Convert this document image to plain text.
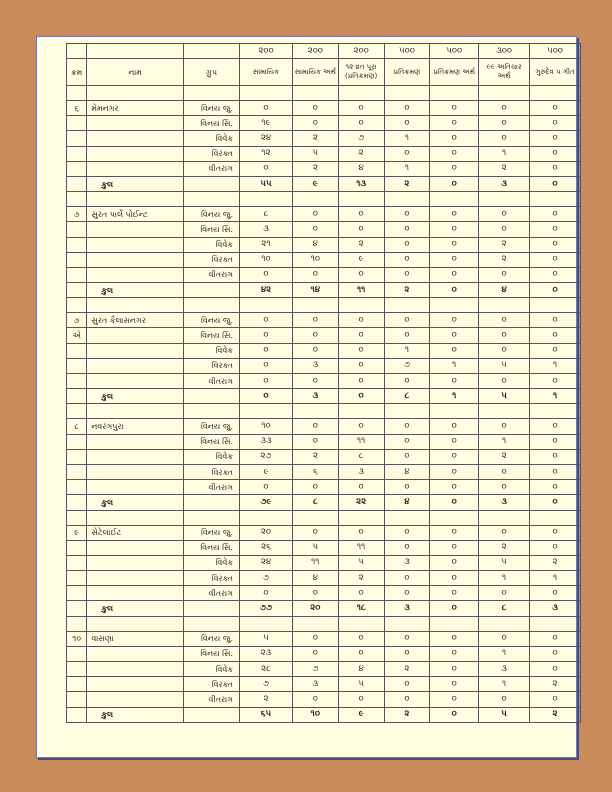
			૨૦૦	૨૦૦	૨૦૦	૫૦૦	૫૦૦	૩૦૦	૫૦૦
ક્રમ	નામ	ગ્રુપ	સામાયિક	સામાયિક અર્થ	૧૨ વ્રત પૂરા (પ્રતિક્રમણ)	પ્રતિક્રમણ	પ્રતિક્રમણ અર્થ	૯૯ અતિચાર અર્થ	ગુરુદેવ ૫ ગીત

૬	મેમનગર	વિનય જુ.	૦	૦	૦	૦	૦	૦	૦
		વિનય સિ.	૧૯	૦	૦	૦	૦	૦	૦
		વિવેક	૨૪	૨	૭	૧	૦	૦	૦
		વિરક્ત	૧૨	૫	૨	૦	૦	૧	૦
		વીતરાગ	૦	૨	૪	૧	૦	૨	૦
	કુલ		૫૫	૯	૧૩	૨	૦	૩	૦

૭	સુરત પાર્લે પોઈન્ટ	વિનય જુ.	૮	૦	૦	૦	૦	૦	૦
		વિનય સિ.	૩	૦	૦	૦	૦	૦	૦
		વિવેક	૨૧	૪	૨	૦	૦	૨	૦
		વિરક્ત	૧૦	૧૦	૯	૦	૦	૨	૦
		વીતરાગ	૦	૦	૦	૦	૦	૦	૦
	કુલ		૪૨	૧૪	૧૧	૨	૦	૪	૦

૭	સુરત કૈલાસનગર	વિનય જુ.	૦	૦	૦	૦	૦	૦	૦
એ		વિનય સિ.	૦	૦	૦	૦	૦	૦	૦
		વિવેક	૦	૦	૦	૧	૦	૦	૦
		વિરક્ત	૦	૩	૦	૭	૧	૫	૧
		વીતરાગ	૦	૦	૦	૦	૦	૦	૦
	કુલ		૦	૩	૦	૮	૧	૫	૧

૮	નવરંગપુરા	વિનય જુ.	૧૦	૦	૦	૦	૦	૦	૦
		વિનય સિ.	૩૩	૦	૧૧	૦	૦	૧	૦
		વિવેક	૨૭	૨	૮	૦	૦	૨	૦
		વિરક્ત	૯	૬	૩	૪	૦	૦	૦
		વીતરાગ	૦	૦	૦	૦	૦	૦	૦
	કુલ		૭૯	૮	૨૨	૪	૦	૩	૦

૯	સેટેલાઈટ	વિનય જુ.	૨૦	૦	૦	૦	૦	૦	૦
		વિનય સિ.	૨૬	૫	૧૧	૦	૦	૨	૦
		વિવેક	૨૪	૧૧	૫	૩	૦	૫	૨
		વિરક્ત	૭	૪	૨	૦	૦	૧	૧
		વીતરાગ	૦	૦	૦	૦	૦	૦	૦
	કુલ		૭૭	૨૦	૧૮	૩	૦	૮	૩

૧૦	વાસણા	વિનય જુ.	૫	૦	૦	૦	૦	૦	૦
		વિનય સિ.	૨૩	૦	૦	૦	૦	૧	૦
		વિવેક	૨૮	૭	૪	૨	૦	૩	૦
		વિરક્ત	૭	૩	૫	૦	૦	૧	૨
		વીતરાગ	૨	૦	૦	૦	૦	૦	૦
	કુલ		૬૫	૧૦	૯	૨	૦	૫	૨
